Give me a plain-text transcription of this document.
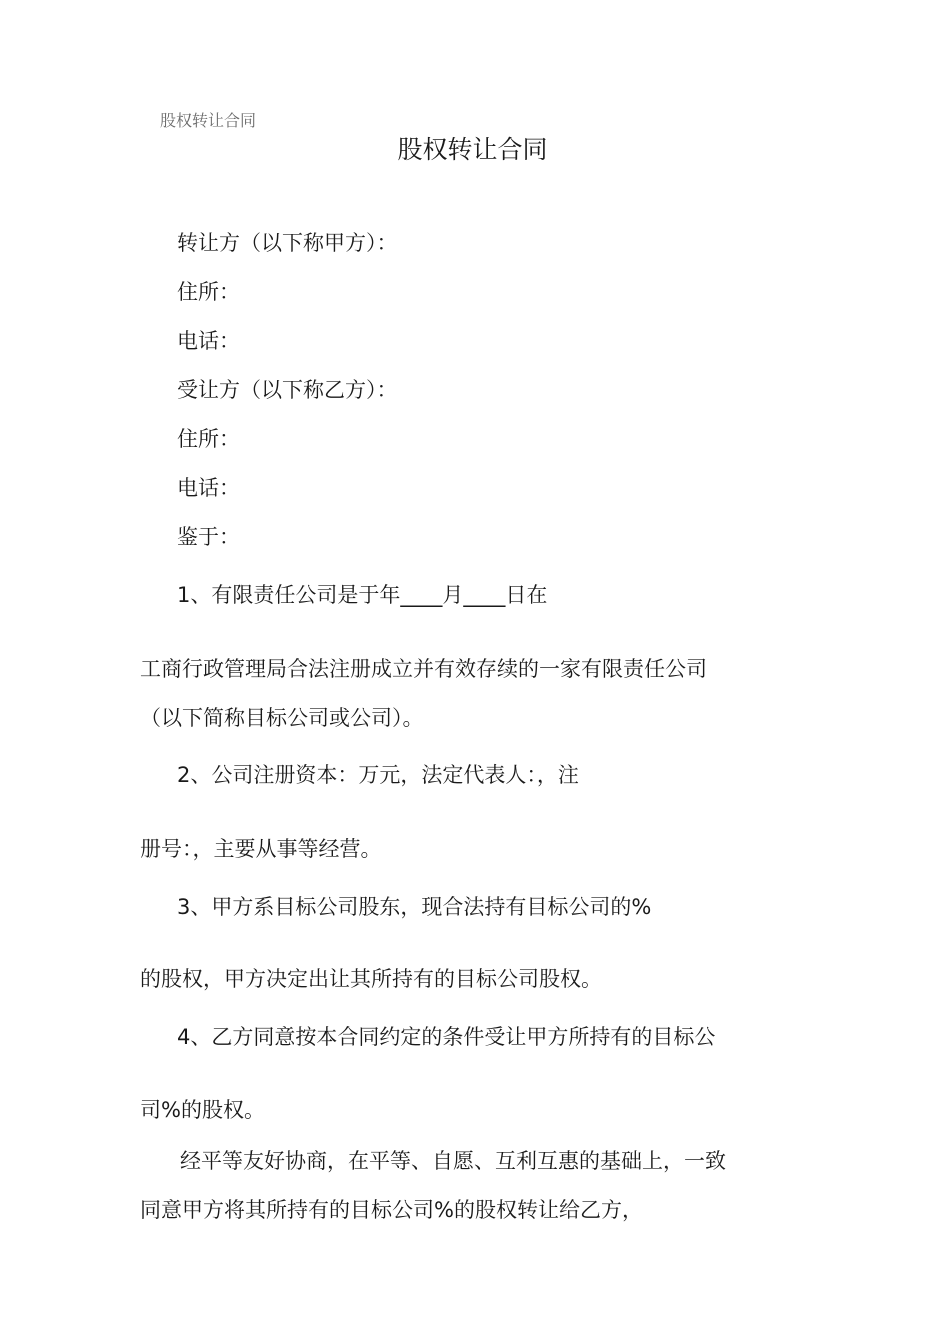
股权转让合同

股权转让合同

转让方（以下称甲方）：

住所：

电话：

受让方（以下称乙方）：

住所：

电话：

鉴于：

1、有限责任公司是于年____月____日在

工商行政管理局合法注册成立并有效存续的一家有限责任公司

（以下简称目标公司或公司）。

2、公司注册资本：万元，法定代表人：，注

册号：，主要从事等经营。

3、甲方系目标公司股东，现合法持有目标公司的%

的股权，甲方决定出让其所持有的目标公司股权。

4、乙方同意按本合同约定的条件受让甲方所持有的目标公

司%的股权。

经平等友好协商，在平等、自愿、互利互惠的基础上，一致

同意甲方将其所持有的目标公司%的股权转让给乙方，
